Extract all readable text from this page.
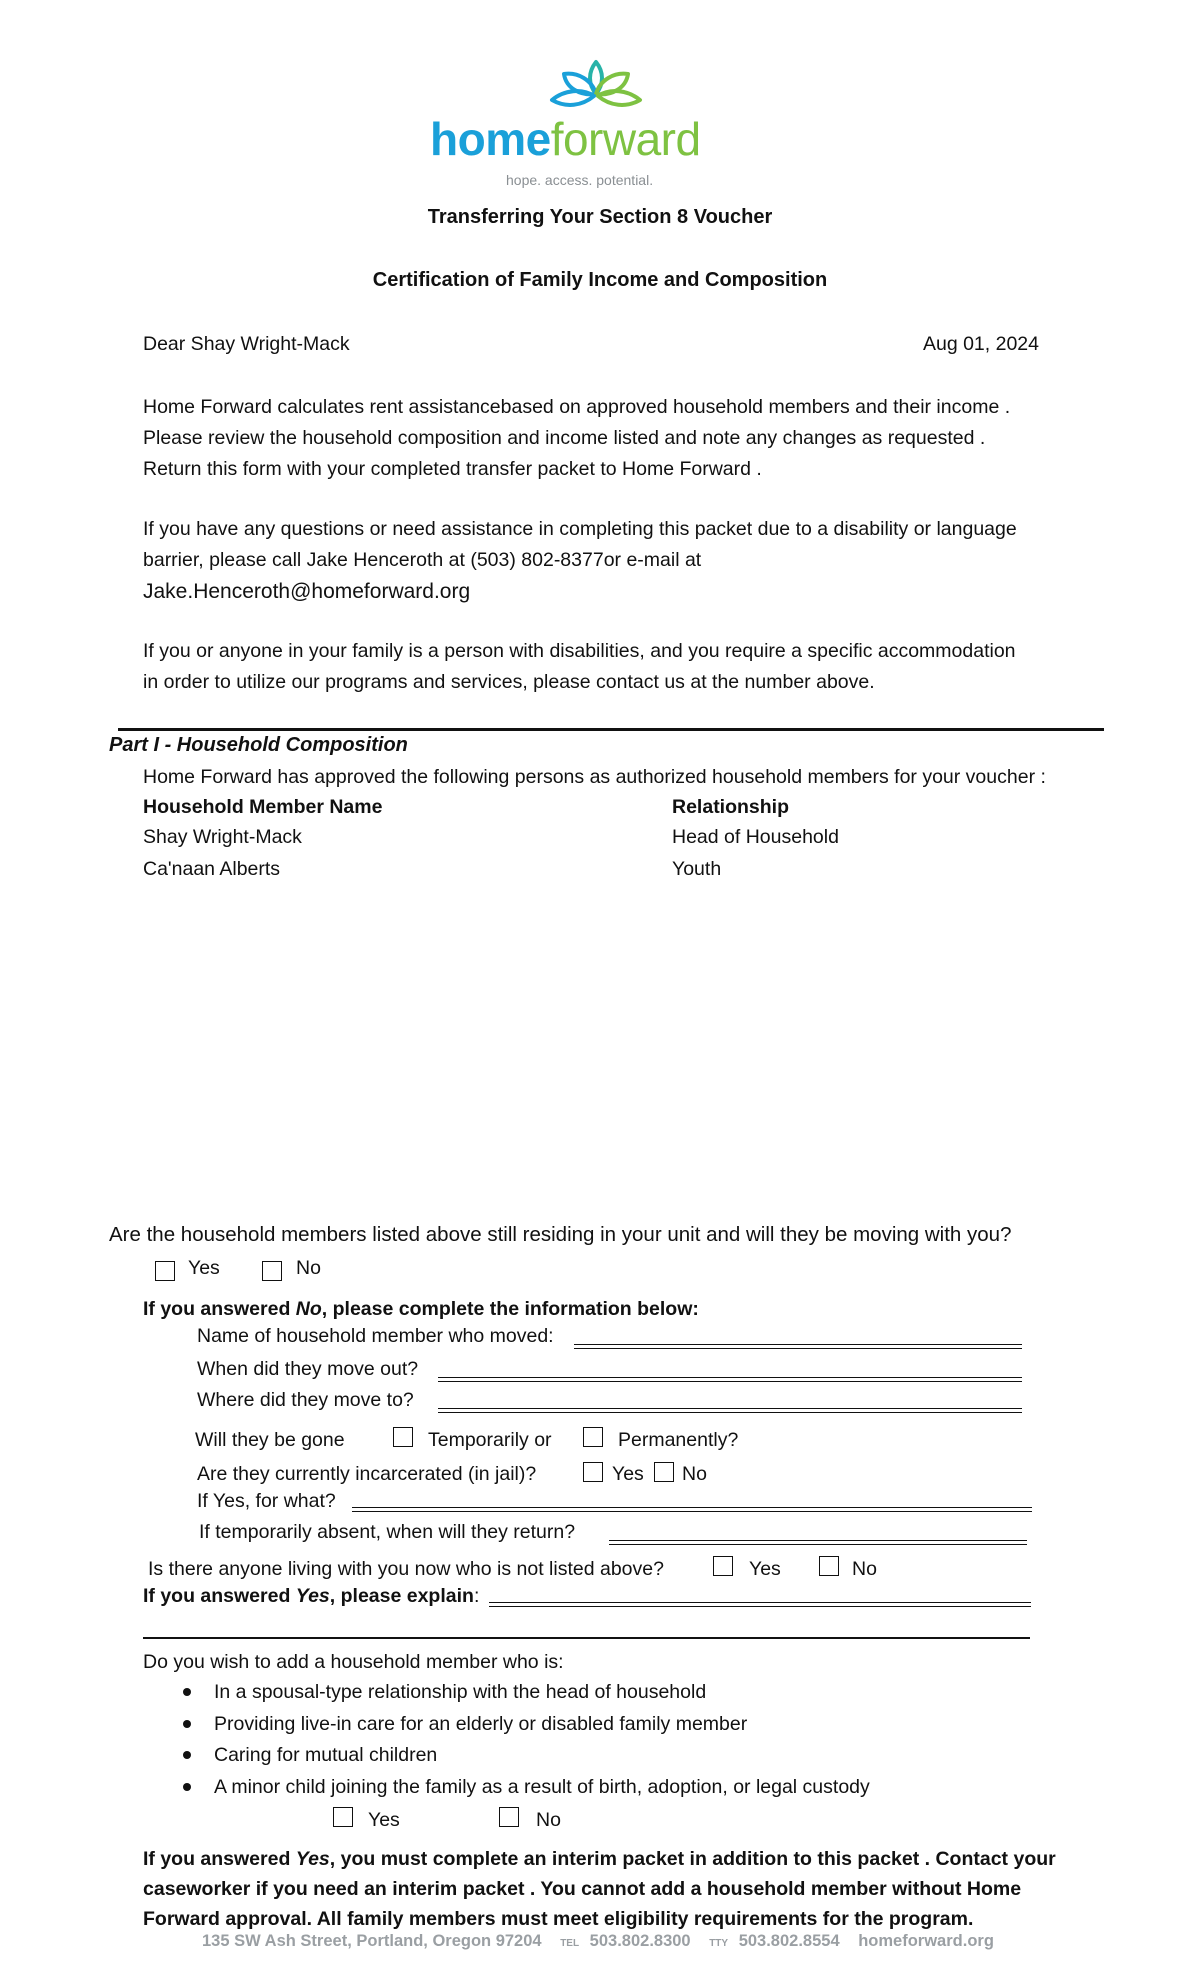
homeforward
hope. access. potential.
Transferring Your Section 8 Voucher
Certification of Family Income and Composition
Dear Shay Wright-Mack	Aug 01, 2024
Home Forward calculates rent assistancebased on approved household members and their income .
Please review the household composition and income listed and note any changes as requested .
Return this form with your completed transfer packet to Home Forward .
If you have any questions or need assistance in completing this packet due to a disability or language
barrier, please call Jake Henceroth at (503) 802-8377or e-mail at
Jake.Henceroth@homeforward.org
If you or anyone in your family is a person with disabilities, and you require a specific accommodation
in order to utilize our programs and services, please contact us at the number above.
Part I - Household Composition
Home Forward has approved the following persons as authorized household members for your voucher :
Household Member Name	Relationship
Shay Wright-Mack	Head of Household
Ca'naan Alberts	Youth
Are the household members listed above still residing in your unit and will they be moving with you?
Yes	No
If you answered No, please complete the information below:
Name of household member who moved:
When did they move out?
Where did they move to?
Will they be gone	Temporarily or	Permanently?
Are they currently incarcerated (in jail)?	Yes No
If Yes, for what?
If temporarily absent, when will they return?
Is there anyone living with you now who is not listed above?	Yes	No
If you answered Yes, please explain:
Do you wish to add a household member who is:
In a spousal-type relationship with the head of household
Providing live-in care for an elderly or disabled family member
Caring for mutual children
A minor child joining the family as a result of birth, adoption, or legal custody
Yes	No
If you answered Yes, you must complete an interim packet in addition to this packet . Contact your
caseworker if you need an interim packet . You cannot add a household member without Home
Forward approval. All family members must meet eligibility requirements for the program.
135 SW Ash Street, Portland, Oregon 97204 TEL 503.802.8300 TTY 503.802.8554 homeforward.org
